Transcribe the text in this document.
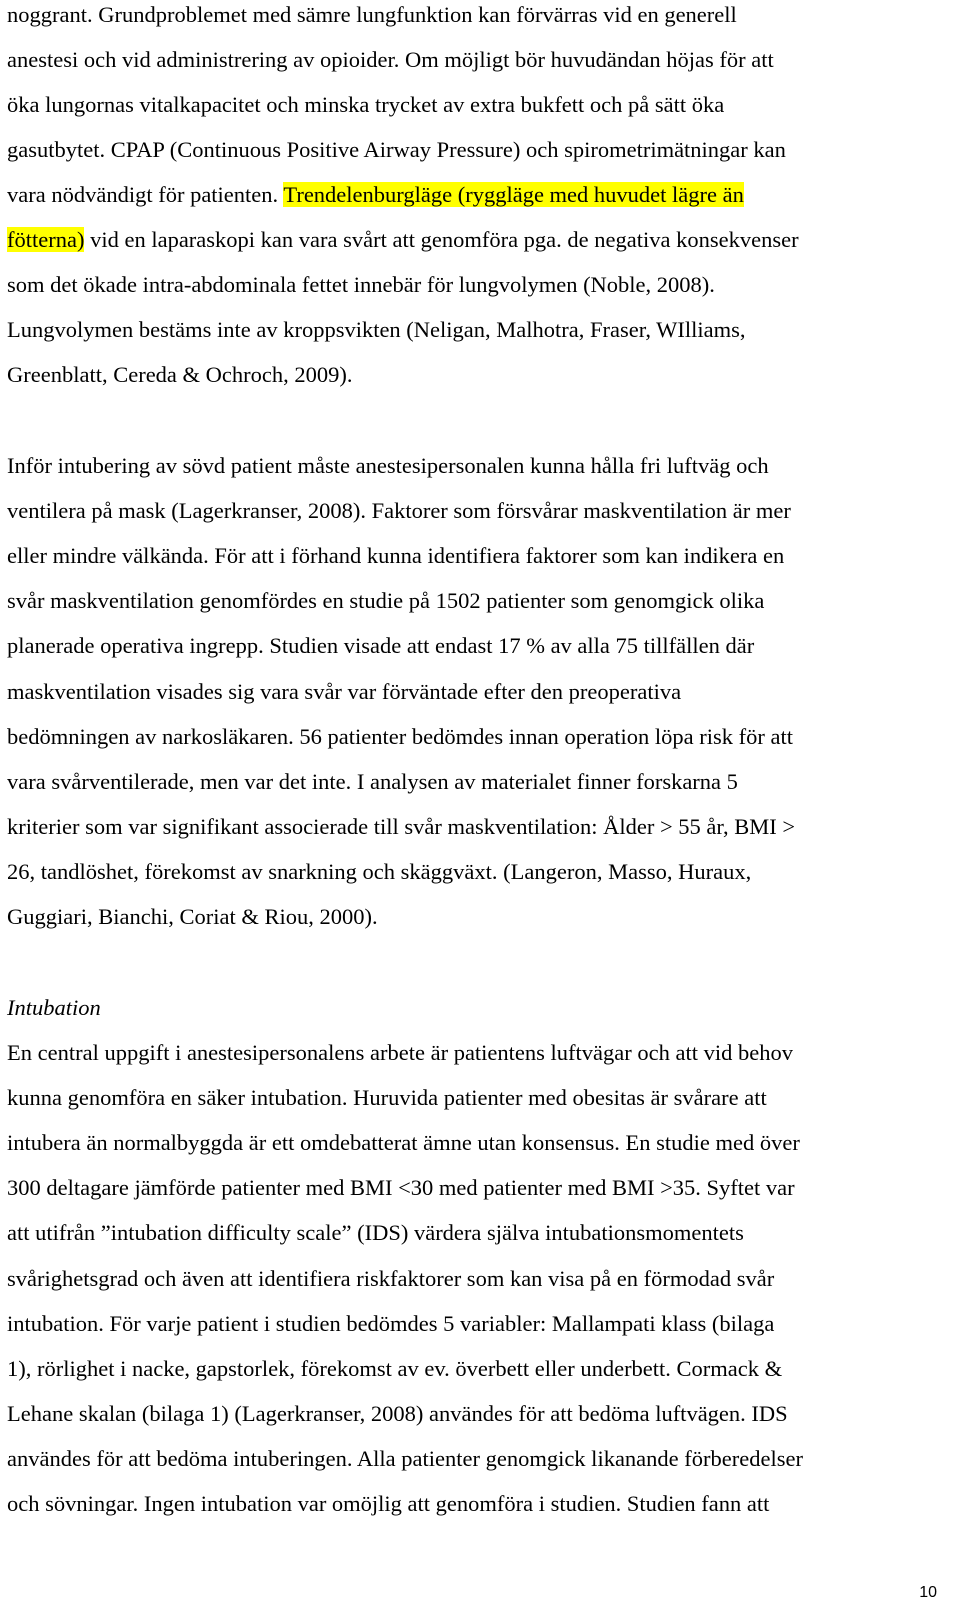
noggrant. Grundproblemet med sämre lungfunktion kan förvärras vid en generell
anestesi och vid administrering av opioider. Om möjligt bör huvudändan höjas för att
öka lungornas vitalkapacitet och minska trycket av extra bukfett och på sätt öka
gasutbytet. CPAP (Continuous Positive Airway Pressure) och spirometrimätningar kan
vara nödvändigt för patienten. Trendelenburgläge (ryggläge med huvudet lägre än
fötterna) vid en laparaskopi kan vara svårt att genomföra pga. de negativa konsekvenser
som det ökade intra-abdominala fettet innebär för lungvolymen (Noble, 2008).
Lungvolymen bestäms inte av kroppsvikten (Neligan, Malhotra, Fraser, WIlliams,
Greenblatt, Cereda & Ochroch, 2009).
Inför intubering av sövd patient måste anestesipersonalen kunna hålla fri luftväg och
ventilera på mask (Lagerkranser, 2008). Faktorer som försvårar maskventilation är mer
eller mindre välkända. För att i förhand kunna identifiera faktorer som kan indikera en
svår maskventilation genomfördes en studie på 1502 patienter som genomgick olika
planerade operativa ingrepp. Studien visade att endast 17 % av alla 75 tillfällen där
maskventilation visades sig vara svår var förväntade efter den preoperativa
bedömningen av narkosläkaren. 56 patienter bedömdes innan operation löpa risk för att
vara svårventilerade, men var det inte. I analysen av materialet finner forskarna 5
kriterier som var signifikant associerade till svår maskventilation: Ålder > 55 år, BMI >
26, tandlöshet, förekomst av snarkning och skäggväxt. (Langeron, Masso, Huraux,
Guggiari, Bianchi, Coriat & Riou, 2000).
Intubation
En central uppgift i anestesipersonalens arbete är patientens luftvägar och att vid behov
kunna genomföra en säker intubation. Huruvida patienter med obesitas är svårare att
intubera än normalbyggda är ett omdebatterat ämne utan konsensus. En studie med över
300 deltagare jämförde patienter med BMI <30 med patienter med BMI >35. Syftet var
att utifrån ”intubation difficulty scale” (IDS) värdera själva intubationsmomentets
svårighetsgrad och även att identifiera riskfaktorer som kan visa på en förmodad svår
intubation. För varje patient i studien bedömdes 5 variabler: Mallampati klass (bilaga
1), rörlighet i nacke, gapstorlek, förekomst av ev. överbett eller underbett. Cormack &
Lehane skalan (bilaga 1) (Lagerkranser, 2008) användes för att bedöma luftvägen. IDS
användes för att bedöma intuberingen. Alla patienter genomgick likanande förberedelser
och sövningar. Ingen intubation var omöjlig att genomföra i studien. Studien fann att
10
